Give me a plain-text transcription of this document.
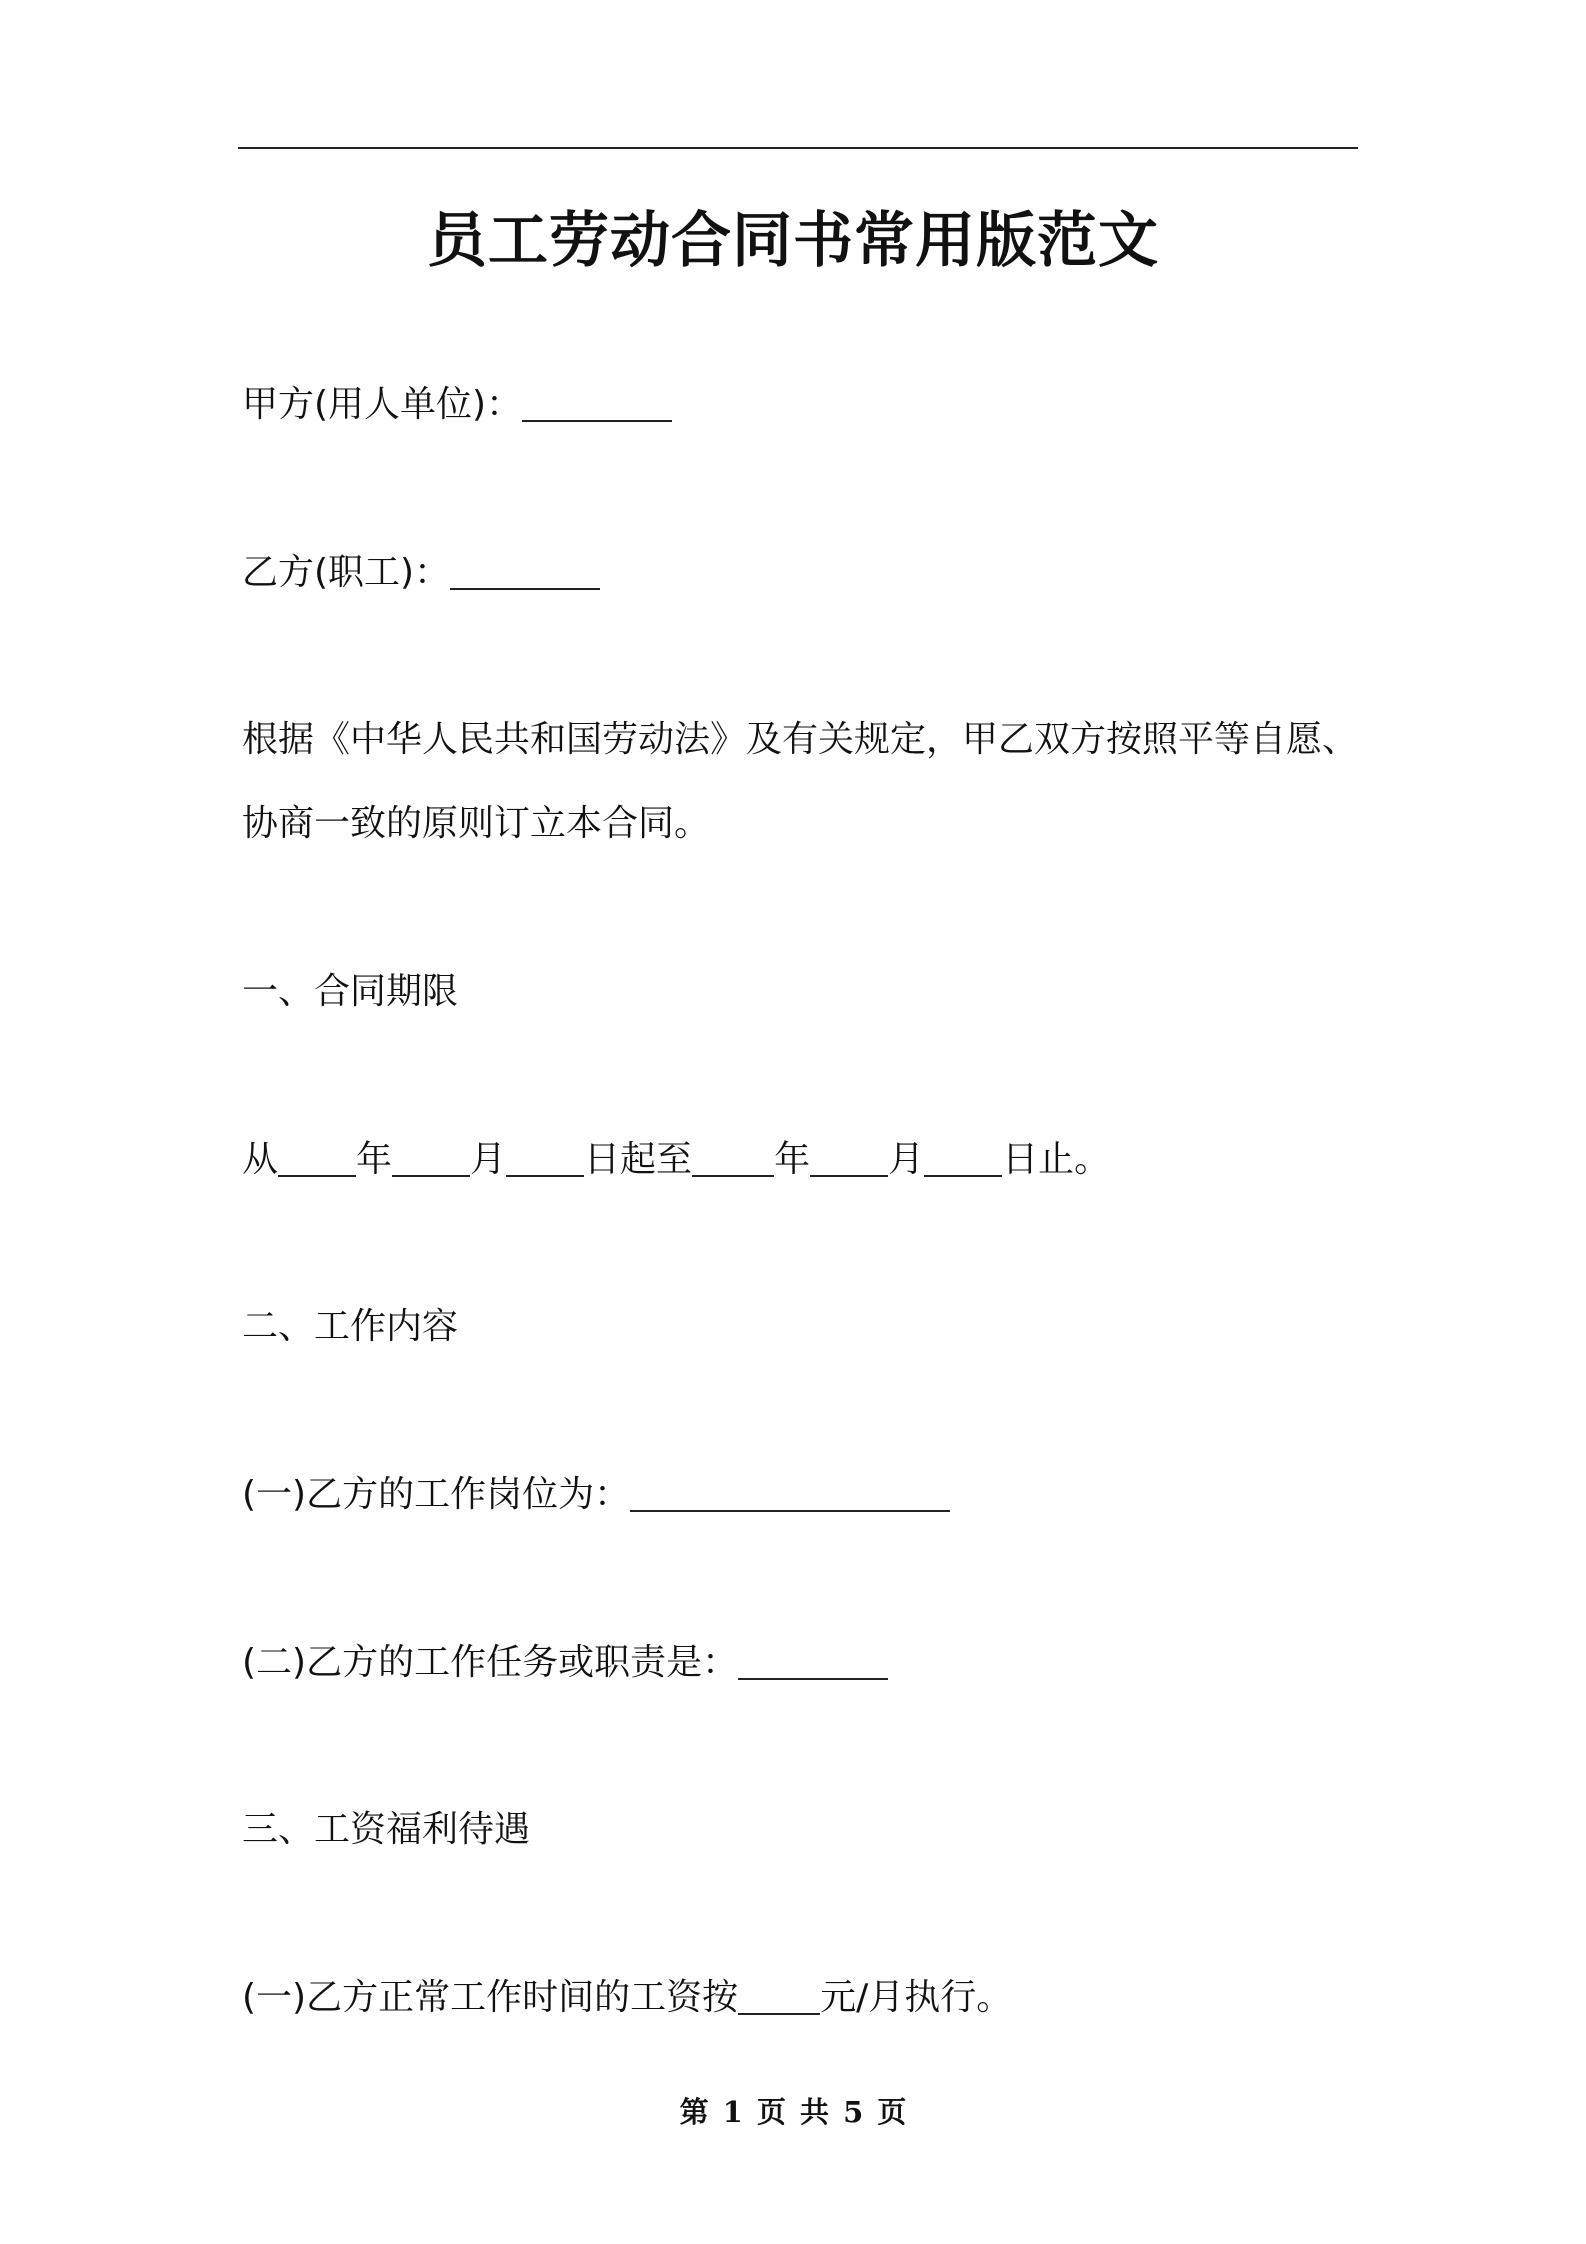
员工劳动合同书常用版范文
甲方(用人单位)：
乙方(职工)：
根据《中华人民共和国劳动法》及有关规定，甲乙双方按照平等自愿、
协商一致的原则订立本合同。
一、合同期限
从 年 月 日起至 年 月 日止。
二、工作内容
(一)乙方的工作岗位为：
(二)乙方的工作任务或职责是：
三、工资福利待遇
(一)乙方正常工作时间的工资按 元/月执行。
第 1 页 共 5 页
